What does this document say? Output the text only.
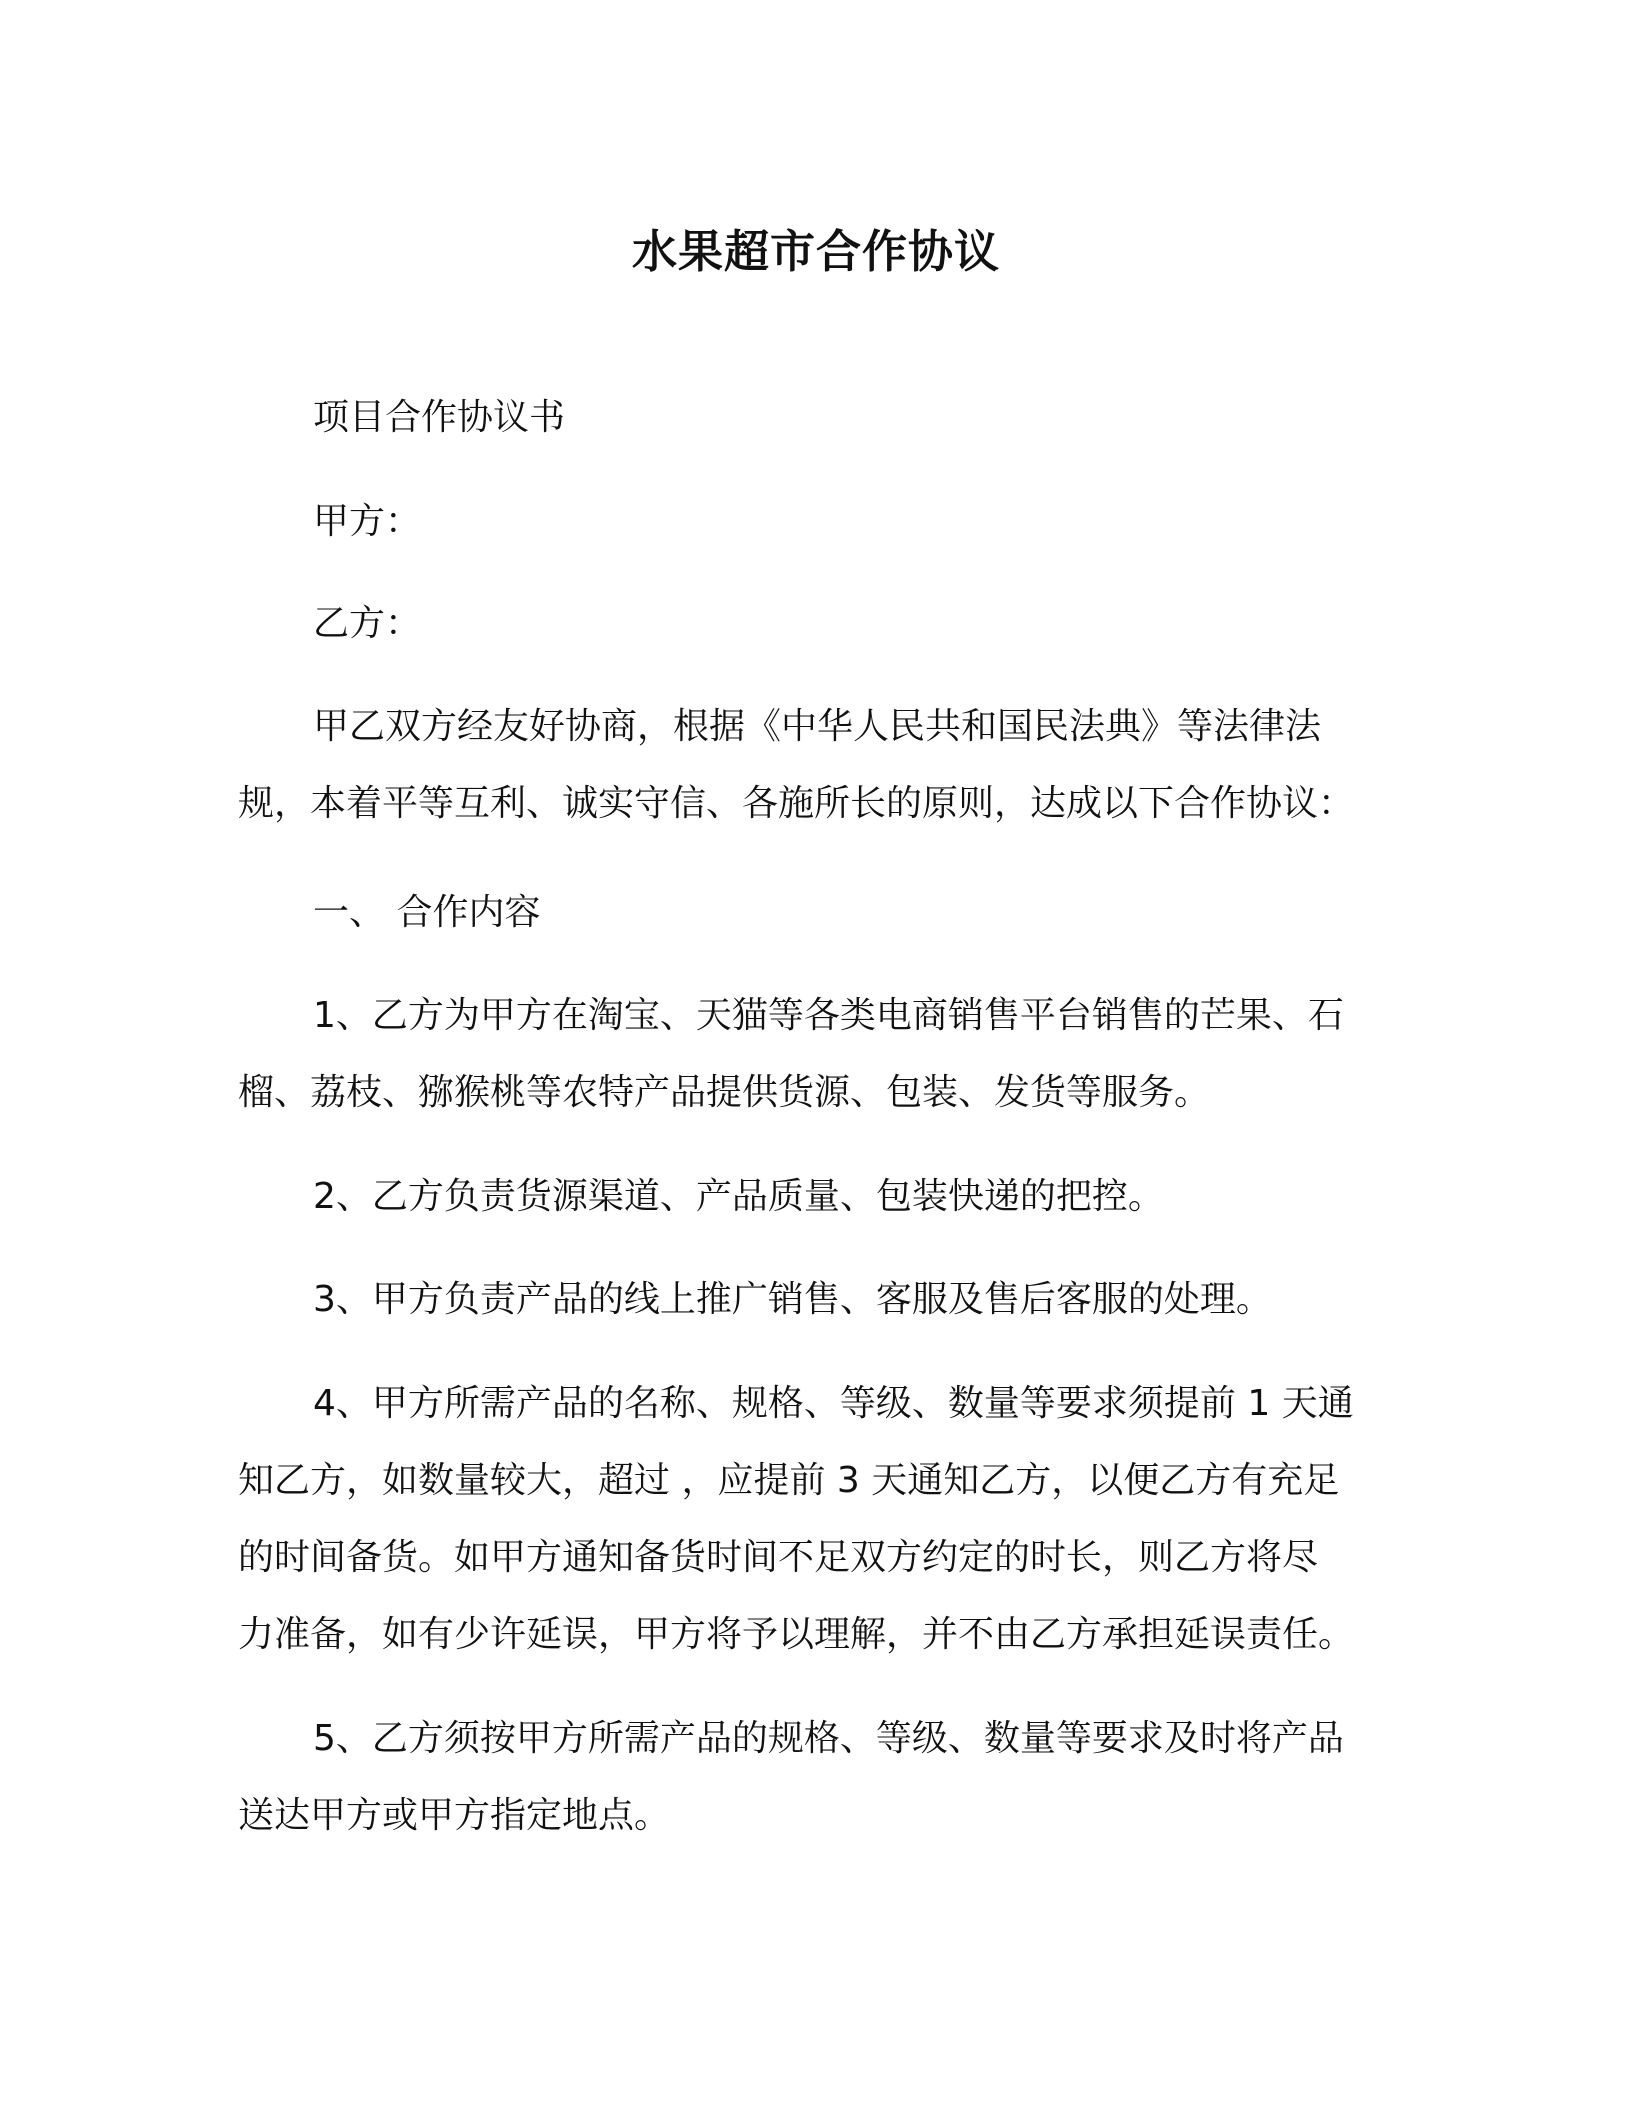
水果超市合作协议
项目合作协议书
甲方：
乙方：
甲乙双方经友好协商，根据《中华人民共和国民法典》等法律法
规，本着平等互利、诚实守信、各施所长的原则，达成以下合作协议：
一、 合作内容
1、乙方为甲方在淘宝、天猫等各类电商销售平台销售的芒果、石
榴、荔枝、猕猴桃等农特产品提供货源、包装、发货等服务。
2、乙方负责货源渠道、产品质量、包装快递的把控。
3、甲方负责产品的线上推广销售、客服及售后客服的处理。
4、甲方所需产品的名称、规格、等级、数量等要求须提前 1 天通
知乙方，如数量较大，超过 ，应提前 3 天通知乙方，以便乙方有充足
的时间备货。如甲方通知备货时间不足双方约定的时长，则乙方将尽
力准备，如有少许延误，甲方将予以理解，并不由乙方承担延误责任。
5、乙方须按甲方所需产品的规格、等级、数量等要求及时将产品
送达甲方或甲方指定地点。
